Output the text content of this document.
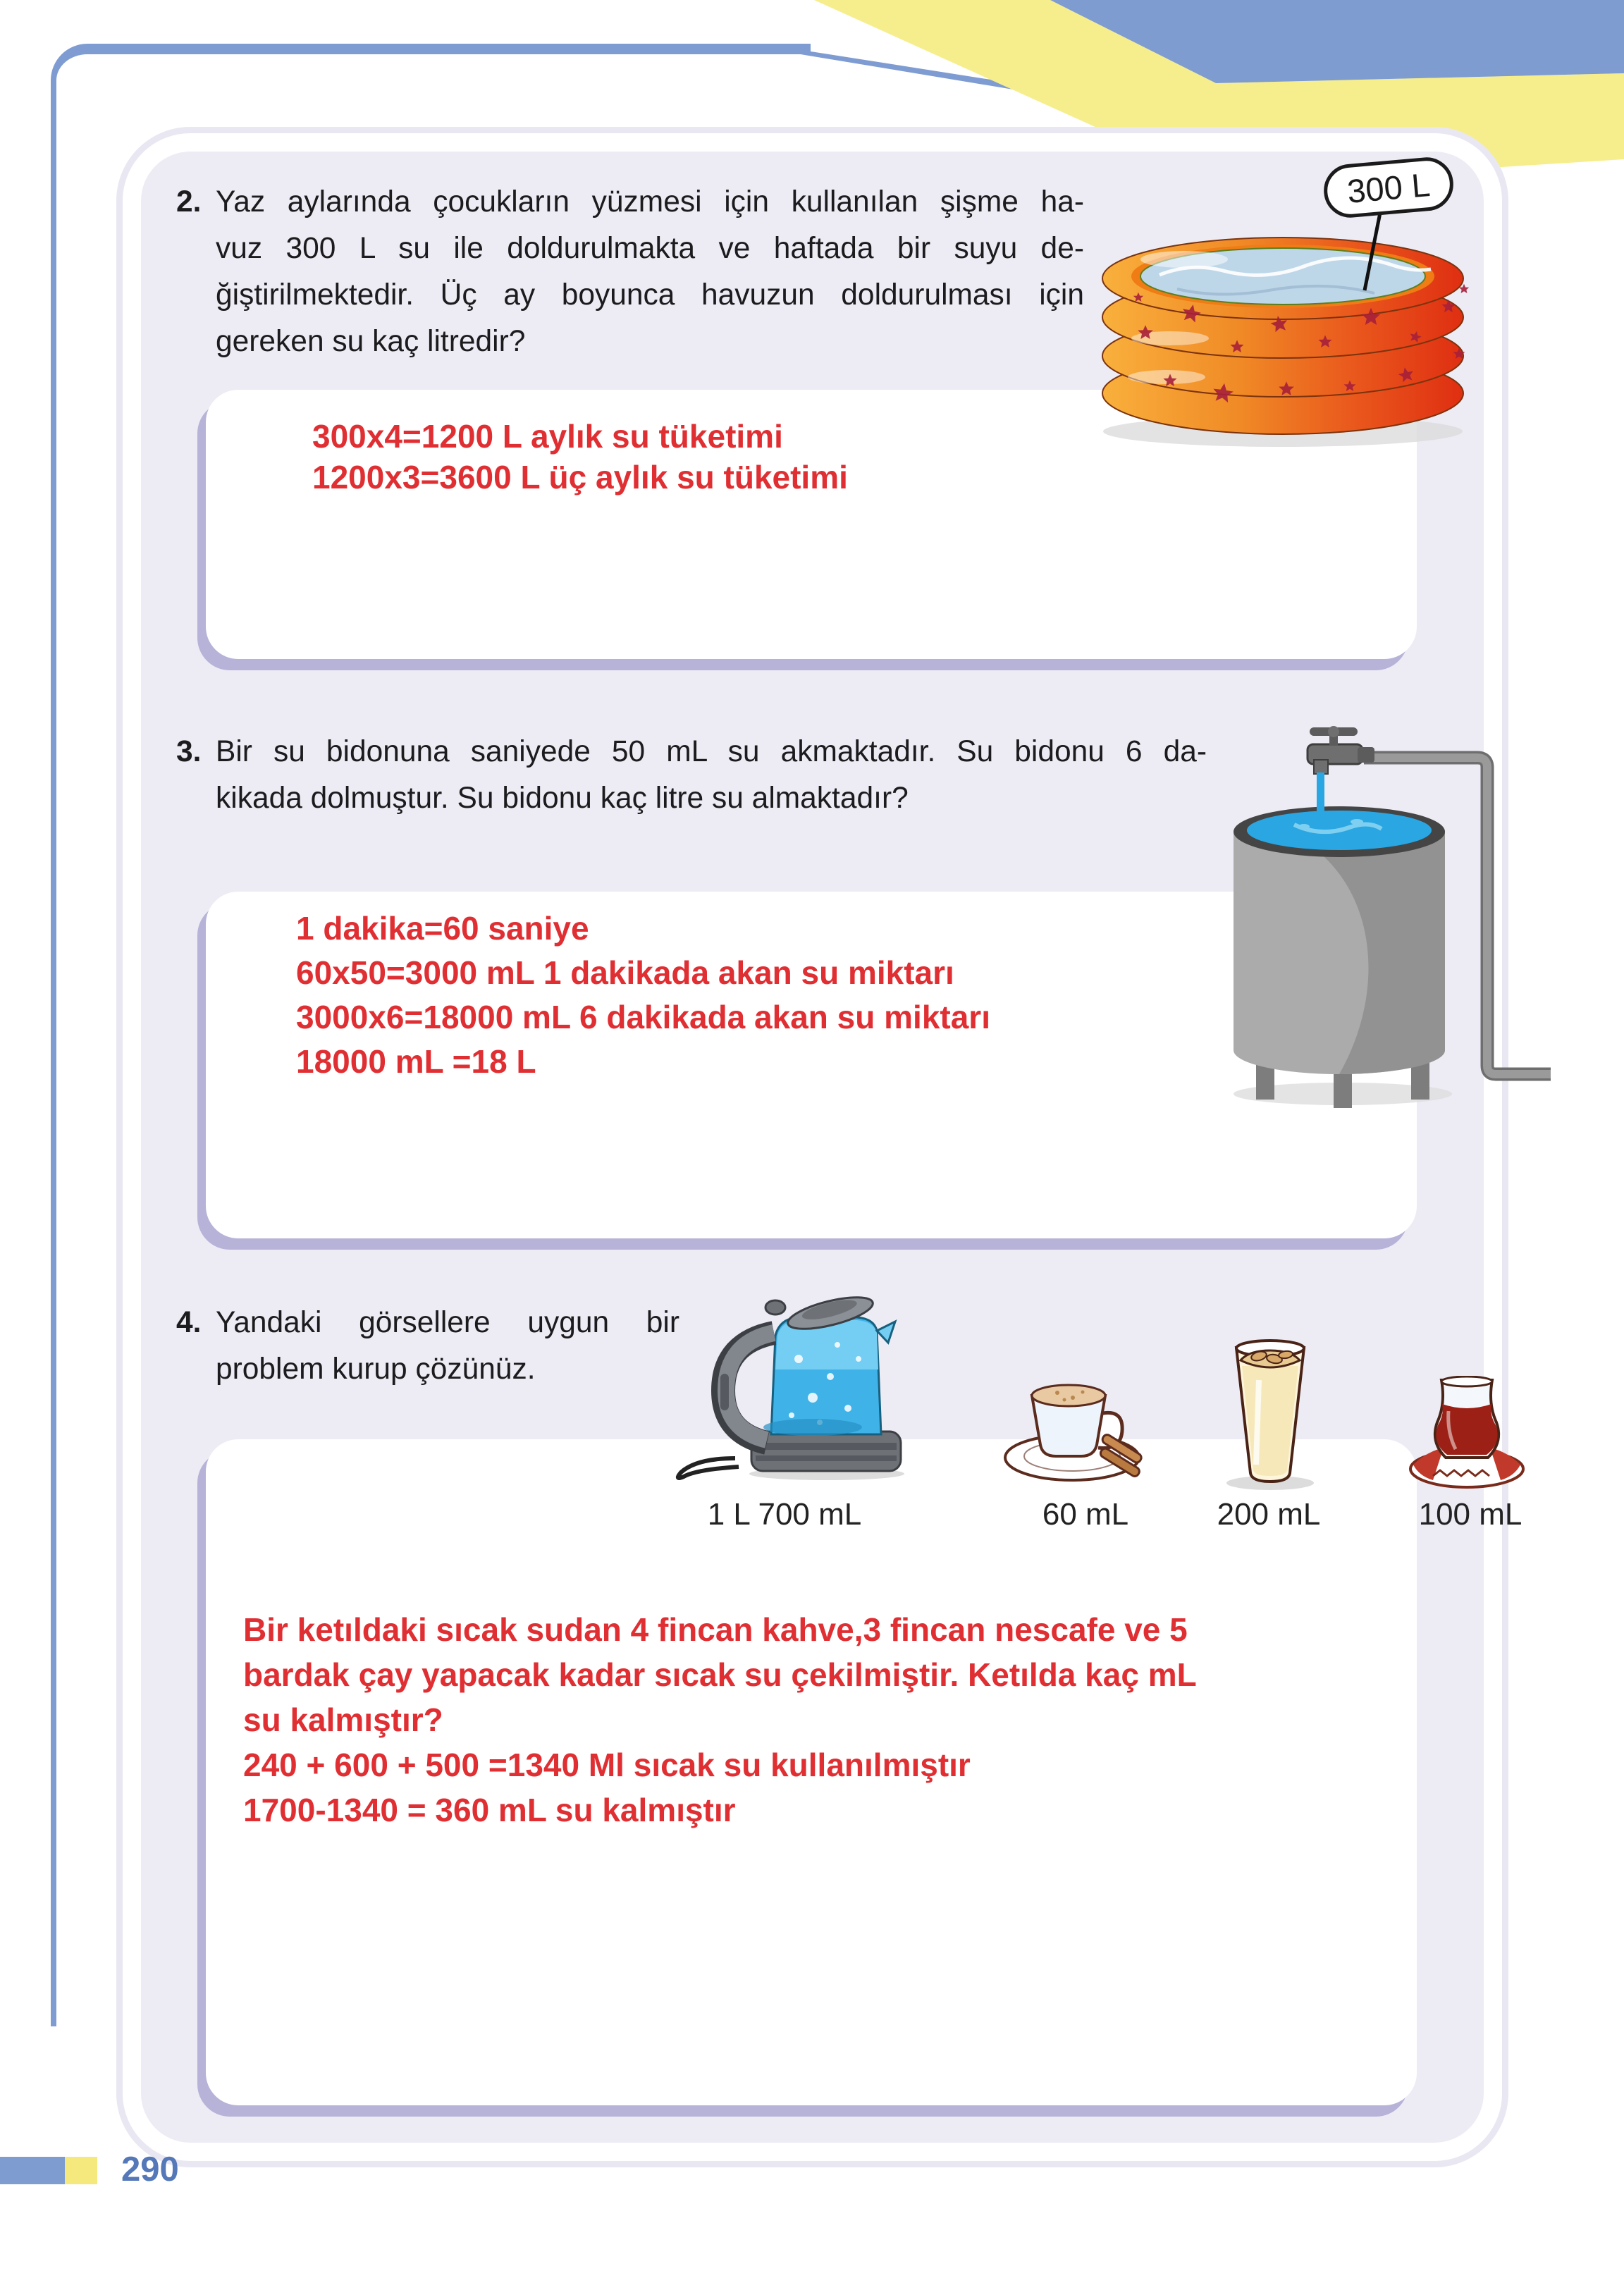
2. Yaz aylarında çocukların yüzmesi için kullanılan şişme ha-
vuz 300 L su ile doldurulmakta ve haftada bir suyu de-
ğiştirilmektedir. Üç ay boyunca havuzun doldurulması için
gereken su kaç litredir?
300x4=1200 L aylık su tüketimi
1200x3=3600 L üç aylık su tüketimi
300 L
3. Bir su bidonuna saniyede 50 mL su akmaktadır. Su bidonu 6 da-
kikada dolmuştur. Su bidonu kaç litre su almaktadır?
1 dakika=60 saniye
60x50=3000 mL 1 dakikada akan su miktarı
3000x6=18000 mL 6 dakikada akan su miktarı
18000 mL =18 L
4. Yandaki görsellere uygun bir
problem kurup çözünüz.
1 L 700 mL	60 mL	200 mL	100 mL
Bir ketıldaki sıcak sudan 4 fincan kahve,3 fincan nescafe ve 5
bardak çay yapacak kadar sıcak su çekilmiştir. Ketılda kaç mL
su kalmıştır?
240 + 600 + 500 =1340 Ml sıcak su kullanılmıştır
1700-1340 = 360 mL su kalmıştır
290
